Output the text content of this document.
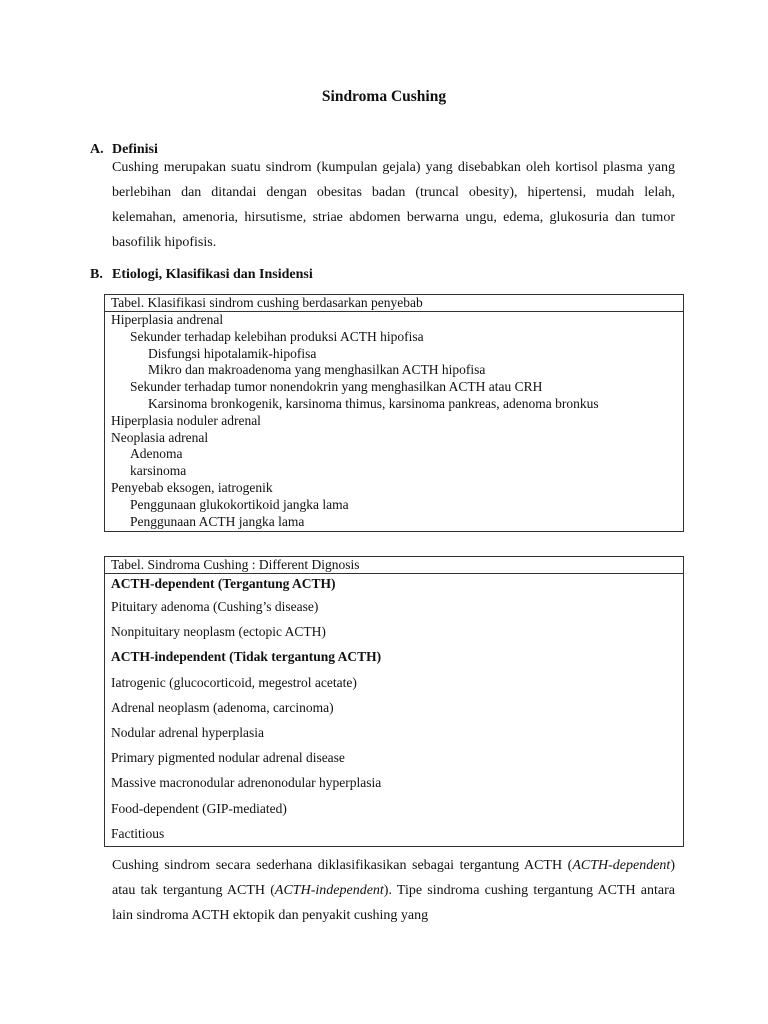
Sindroma Cushing
A. Definisi
Cushing merupakan suatu sindrom (kumpulan gejala) yang disebabkan oleh kortisol plasma yang berlebihan dan ditandai dengan obesitas badan (truncal obesity), hipertensi, mudah lelah, kelemahan, amenoria, hirsutisme, striae abdomen berwarna ungu, edema, glukosuria dan tumor basofilik hipofisis.
B. Etiologi, Klasifikasi dan Insidensi
Tabel. Klasifikasi sindrom cushing berdasarkan penyebab
Hiperplasia andrenal
Sekunder terhadap kelebihan produksi ACTH hipofisa
Disfungsi hipotalamik-hipofisa
Mikro dan makroadenoma yang menghasilkan ACTH hipofisa
Sekunder terhadap tumor nonendokrin yang menghasilkan ACTH atau CRH
Karsinoma bronkogenik, karsinoma thimus, karsinoma pankreas, adenoma bronkus
Hiperplasia noduler adrenal
Neoplasia adrenal
Adenoma
karsinoma
Penyebab eksogen, iatrogenik
Penggunaan glukokortikoid jangka lama
Penggunaan ACTH jangka lama
Tabel. Sindroma Cushing : Different Dignosis
ACTH-dependent (Tergantung ACTH)
Pituitary adenoma (Cushing’s disease)
Nonpituitary neoplasm (ectopic ACTH)
ACTH-independent (Tidak tergantung ACTH)
Iatrogenic (glucocorticoid, megestrol acetate)
Adrenal neoplasm (adenoma, carcinoma)
Nodular adrenal hyperplasia
Primary pigmented nodular adrenal disease
Massive macronodular adrenonodular hyperplasia
Food-dependent (GIP-mediated)
Factitious
Cushing sindrom secara sederhana diklasifikasikan sebagai tergantung ACTH (ACTH-dependent) atau tak tergantung ACTH (ACTH-independent). Tipe sindroma cushing tergantung ACTH antara lain sindroma ACTH ektopik dan penyakit cushing yang
